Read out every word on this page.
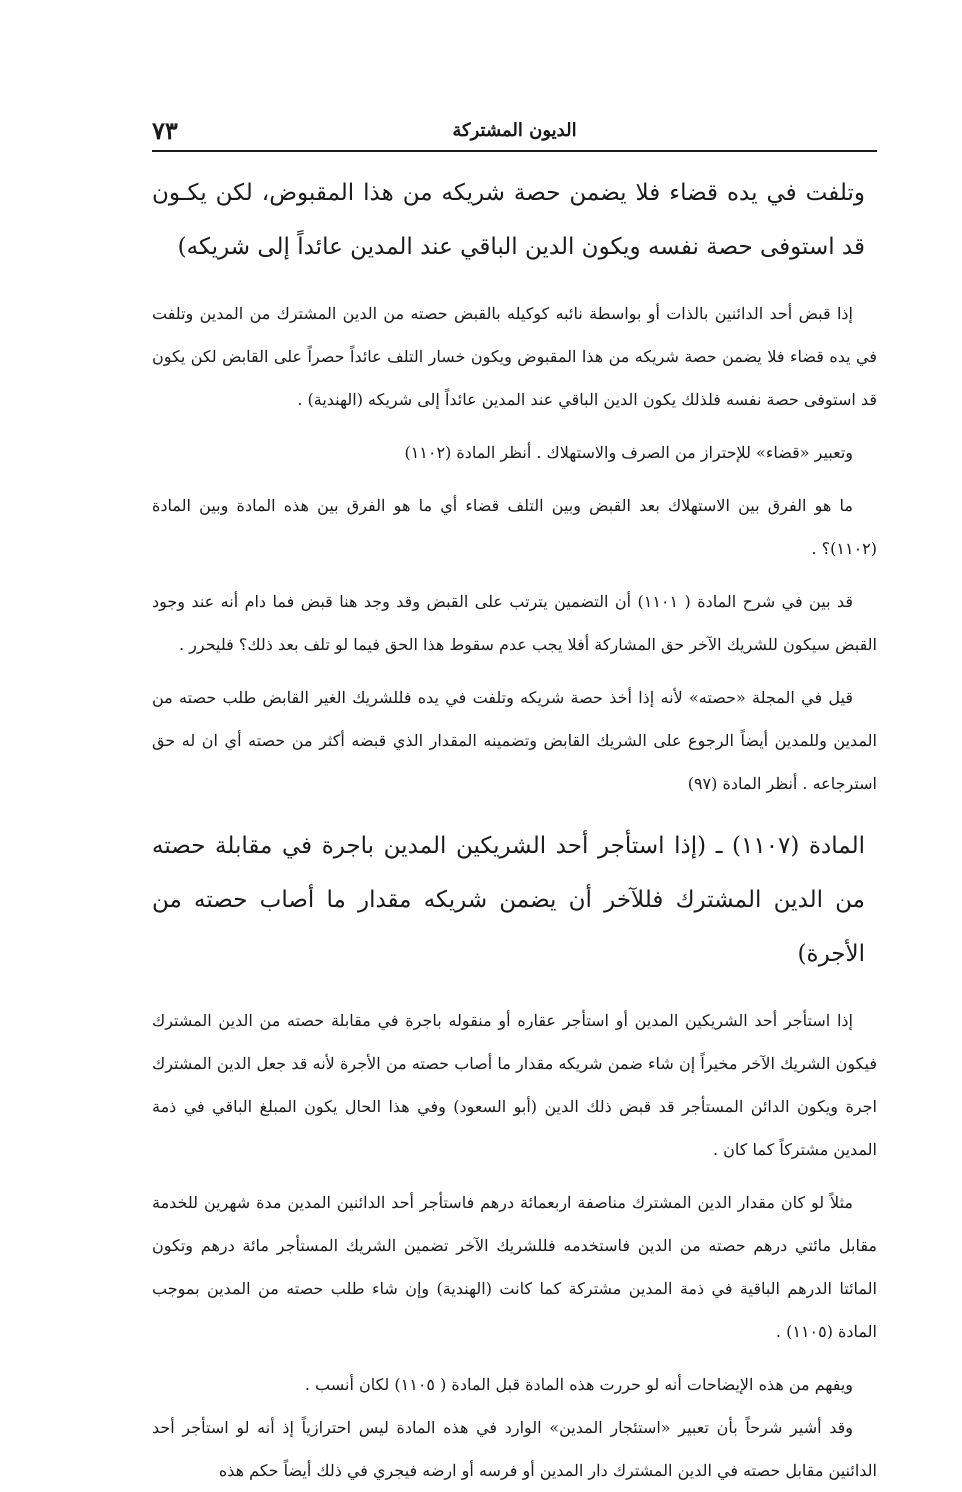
٧٣	الديون المشتركة

وتلفت في يده قضاء فلا يضمن حصة شريكه من هذا المقبوض، لكن يكـون قد استوفى حصة نفسه ويكون الدين الباقي عند المدين عائداً إلى شريكه)

إذا قبض أحد الدائنين بالذات أو بواسطة نائبه كوكيله بالقبض حصته من الدين المشترك من المدين وتلفت في يده قضاء فلا يضمن حصة شريكه من هذا المقبوض ويكون خسار التلف عائداً حصراً على القابض لكن يكون قد استوفى حصة نفسه فلذلك يكون الدين الباقي عند المدين عائداً إلى شريكه (الهندية) .

وتعبير «قضاء» للإحتراز من الصرف والاستهلاك . أنظر المادة (١١٠٢)

ما هو الفرق بين الاستهلاك بعد القبض وبين التلف قضاء أي ما هو الفرق بين هذه المادة وبين المادة (١١٠٢)؟ .

قد بين في شرح المادة ( ١١٠١) أن التضمين يترتب على القبض وقد وجد هنا قبض فما دام أنه عند وجود القبض سيكون للشريك الآخر حق المشاركة أفلا يجب عدم سقوط هذا الحق فيما لو تلف بعد ذلك؟ فليحرر .

قيل في المجلة «حصته» لأنه إذا أخذ حصة شريكه وتلفت في يده فللشريك الغير القابض طلب حصته من المدين وللمدين أيضاً الرجوع على الشريك القابض وتضمينه المقدار الذي قبضه أكثر من حصته أي ان له حق استرجاعه . أنظر المادة (٩٧)

المادة (١١٠٧) ـ (إذا استأجر أحد الشريكين المدين باجرة في مقابلة حصته من الدين المشترك فللآخر أن يضمن شريكه مقدار ما أصاب حصته من الأجرة)

إذا استأجر أحد الشريكين المدين أو استأجر عقاره أو منقوله باجرة في مقابلة حصته من الدين المشترك فيكون الشريك الآخر مخيراً إن شاء ضمن شريكه مقدار ما أصاب حصته من الأجرة لأنه قد جعل الدين المشترك اجرة ويكون الدائن المستأجر قد قبض ذلك الدين (أبو السعود) وفي هذا الحال يكون المبلغ الباقي في ذمة المدين مشتركاً كما كان .

مثلاً لو كان مقدار الدين المشترك مناصفة اربعمائة درهم فاستأجر أحد الدائنين المدين مدة شهرين للخدمة مقابل مائتي درهم حصته من الدين فاستخدمه فللشريك الآخر تضمين الشريك المستأجر مائة درهم وتكون المائتا الدرهم الباقية في ذمة المدين مشتركة كما كانت (الهندية) وإن شاء طلب حصته من المدين بموجب المادة (١١٠٥) .

ويفهم من هذه الإيضاحات أنه لو حررت هذه المادة قبل المادة ( ١١٠٥) لكان أنسب .

وقد أشير شرحاً بأن تعبير «استئجار المدين» الوارد في هذه المادة ليس احترازياً إذ أنه لو استأجر أحد الدائنين مقابل حصته في الدين المشترك دار المدين أو فرسه أو ارضه فيجري في ذلك أيضاً حكم هذه
